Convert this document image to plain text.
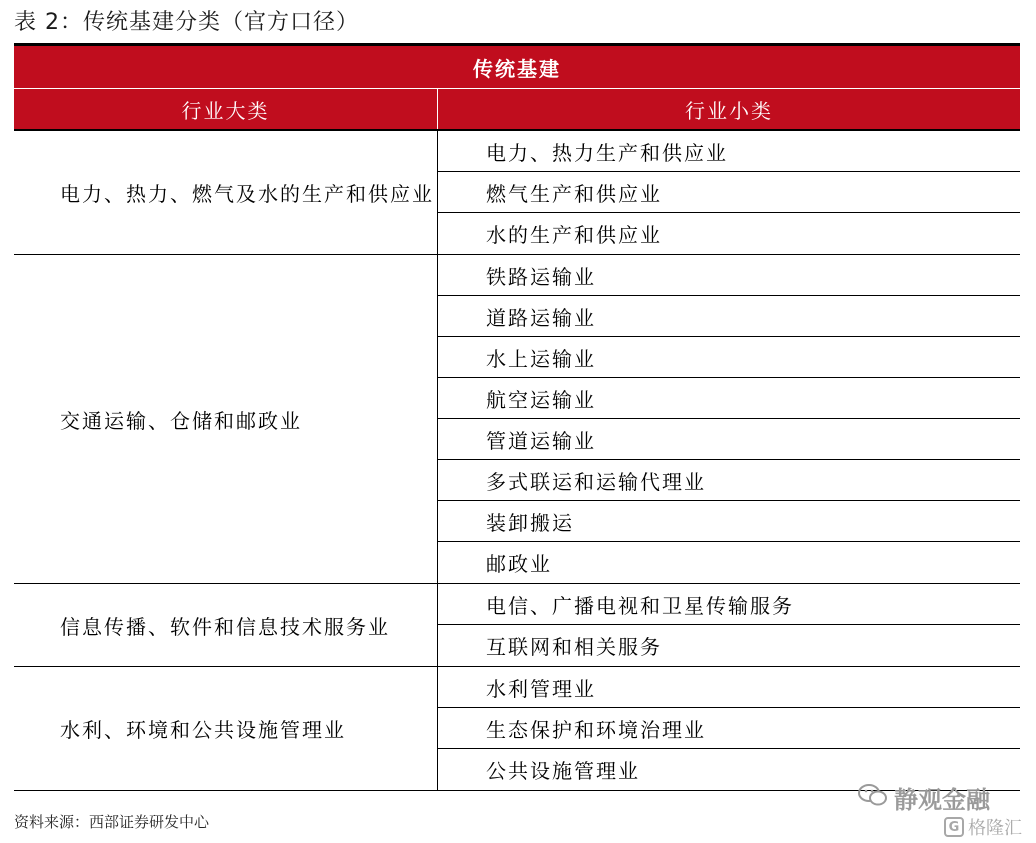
表 2：传统基建分类（官方口径）
传统基建
行业大类	行业小类
电力、热力、燃气及水的生产和供应业
电力、热力生产和供应业
燃气生产和供应业
水的生产和供应业
交通运输、仓储和邮政业
铁路运输业
道路运输业
水上运输业
航空运输业
管道运输业
多式联运和运输代理业
装卸搬运
邮政业
信息传播、软件和信息技术服务业
电信、广播电视和卫星传输服务
互联网和相关服务
水利、环境和公共设施管理业
水利管理业
生态保护和环境治理业
公共设施管理业
资料来源：西部证券研发中心
静观金融
G 格隆汇
